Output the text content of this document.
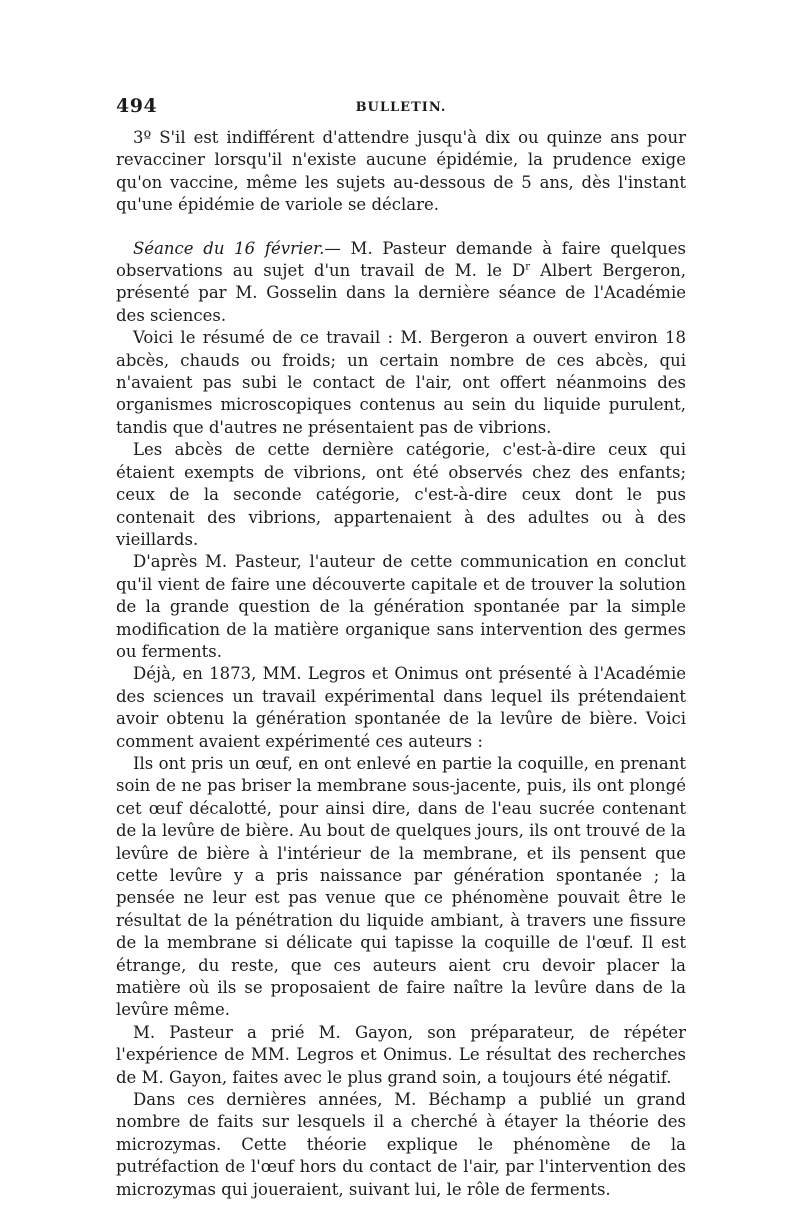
494	BULLETIN.

3º S'il est indifférent d'attendre jusqu'à dix ou quinze ans pour revacciner lorsqu'il n'existe aucune épidémie, la prudence exige qu'on vaccine, même les sujets au-dessous de 5 ans, dès l'instant qu'une épidémie de variole se déclare.

Séance du 16 février.— M. Pasteur demande à faire quelques observations au sujet d'un travail de M. le $D^r$ Albert Bergeron, présenté par M. Gosselin dans la dernière séance de l'Académie des sciences.

Voici le résumé de ce travail : M. Bergeron a ouvert environ 18 abcès, chauds ou froids; un certain nombre de ces abcès, qui n'avaient pas subi le contact de l'air, ont offert néanmoins des organismes microscopiques contenus au sein du liquide purulent, tandis que d'autres ne présentaient pas de vibrions.

Les abcès de cette dernière catégorie, c'est-à-dire ceux qui étaient exempts de vibrions, ont été observés chez des enfants; ceux de la seconde catégorie, c'est-à-dire ceux dont le pus contenait des vibrions, appartenaient à des adultes ou à des vieillards.

D'après M. Pasteur, l'auteur de cette communication en conclut qu'il vient de faire une découverte capitale et de trouver la solution de la grande question de la génération spontanée par la simple modification de la matière organique sans intervention des germes ou ferments.

Déjà, en 1873, MM. Legros et Onimus ont présenté à l'Académie des sciences un travail expérimental dans lequel ils prétendaient avoir obtenu la génération spontanée de la levûre de bière. Voici comment avaient expérimenté ces auteurs :

Ils ont pris un œuf, en ont enlevé en partie la coquille, en prenant soin de ne pas briser la membrane sous-jacente, puis, ils ont plongé cet œuf décalotté, pour ainsi dire, dans de l'eau sucrée contenant de la levûre de bière. Au bout de quelques jours, ils ont trouvé de la levûre de bière à l'intérieur de la membrane, et ils pensent que cette levûre y a pris naissance par génération spontanée ; la pensée ne leur est pas venue que ce phénomène pouvait être le résultat de la pénétration du liquide ambiant, à travers une fissure de la membrane si délicate qui tapisse la coquille de l'œuf. Il est étrange, du reste, que ces auteurs aient cru devoir placer la matière où ils se proposaient de faire naître la levûre dans de la levûre même.

M. Pasteur a prié M. Gayon, son préparateur, de répéter l'expérience de MM. Legros et Onimus. Le résultat des recherches de M. Gayon, faites avec le plus grand soin, a toujours été négatif.

Dans ces dernières années, M. Béchamp a publié un grand nombre de faits sur lesquels il a cherché à étayer la théorie des microzymas. Cette théorie explique le phénomène de la putréfaction de l'œuf hors du contact de l'air, par l'intervention des microzymas qui joueraient, suivant lui, le rôle de ferments.
